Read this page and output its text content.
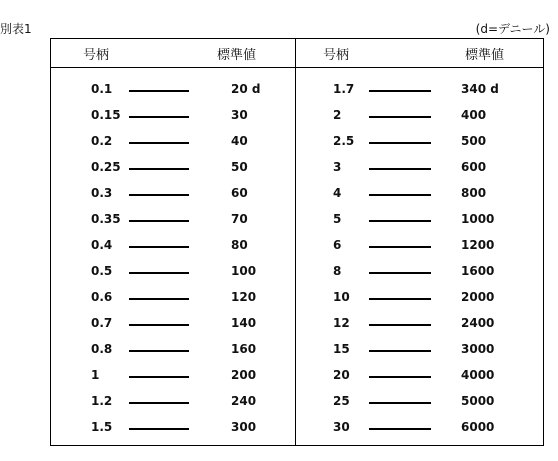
別表1	(d=デニール)
号柄	標準値	号柄	標準値
0.1	20 d	1.7	340 d
0.15	30	2	400
0.2	40	2.5	500
0.25	50	3	600
0.3	60	4	800
0.35	70	5	1000
0.4	80	6	1200
0.5	100	8	1600
0.6	120	10	2000
0.7	140	12	2400
0.8	160	15	3000
1	200	20	4000
1.2	240	25	5000
1.5	300	30	6000
